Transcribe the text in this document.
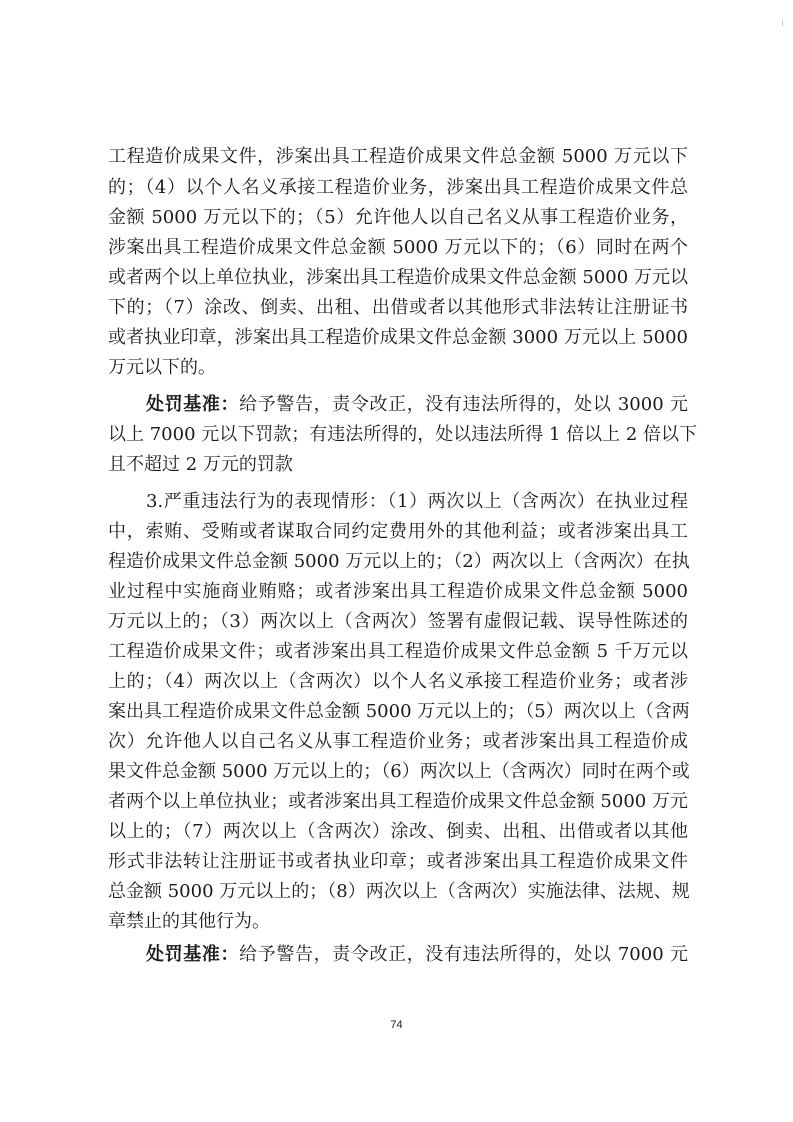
工程造价成果文件，涉案出具工程造价成果文件总金额 5000 万元以下
的；（4）以个人名义承接工程造价业务，涉案出具工程造价成果文件总
金额 5000 万元以下的；（5）允许他人以自己名义从事工程造价业务，
涉案出具工程造价成果文件总金额 5000 万元以下的；（6）同时在两个
或者两个以上单位执业，涉案出具工程造价成果文件总金额 5000 万元以
下的；（7）涂改、倒卖、出租、出借或者以其他形式非法转让注册证书
或者执业印章，涉案出具工程造价成果文件总金额 3000 万元以上 5000
万元以下的。
处罚基准：给予警告，责令改正，没有违法所得的，处以 3000 元
以上 7000 元以下罚款；有违法所得的，处以违法所得 1 倍以上 2 倍以下
且不超过 2 万元的罚款
3.严重违法行为的表现情形：（1）两次以上（含两次）在执业过程
中，索贿、受贿或者谋取合同约定费用外的其他利益；或者涉案出具工
程造价成果文件总金额 5000 万元以上的；（2）两次以上（含两次）在执
业过程中实施商业贿赂；或者涉案出具工程造价成果文件总金额 5000
万元以上的；（3）两次以上（含两次）签署有虚假记载、误导性陈述的
工程造价成果文件；或者涉案出具工程造价成果文件总金额 5 千万元以
上的；（4）两次以上（含两次）以个人名义承接工程造价业务；或者涉
案出具工程造价成果文件总金额 5000 万元以上的；（5）两次以上（含两
次）允许他人以自己名义从事工程造价业务；或者涉案出具工程造价成
果文件总金额 5000 万元以上的；（6）两次以上（含两次）同时在两个或
者两个以上单位执业；或者涉案出具工程造价成果文件总金额 5000 万元
以上的；（7）两次以上（含两次）涂改、倒卖、出租、出借或者以其他
形式非法转让注册证书或者执业印章；或者涉案出具工程造价成果文件
总金额 5000 万元以上的；（8）两次以上（含两次）实施法律、法规、规
章禁止的其他行为。
处罚基准：给予警告，责令改正，没有违法所得的，处以 7000 元
74
